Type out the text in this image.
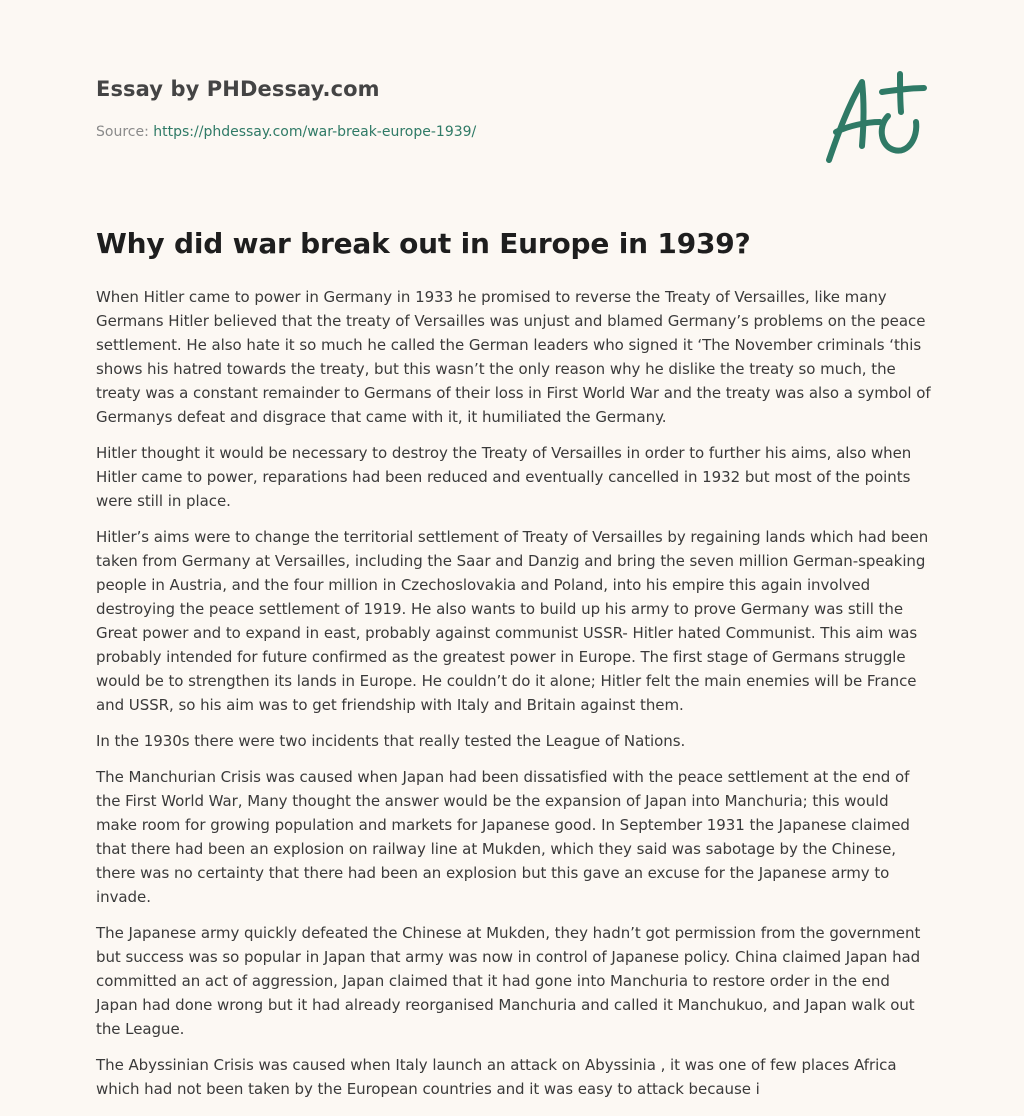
Essay by PHDessay.com

Source: https://phdessay.com/war-break-europe-1939/

Why did war break out in Europe in 1939?

When Hitler came to power in Germany in 1933 he promised to reverse the Treaty of Versailles, like many Germans Hitler believed that the treaty of Versailles was unjust and blamed Germany’s problems on the peace settlement. He also hate it so much he called the German leaders who signed it ‘The November criminals ‘this shows his hatred towards the treaty, but this wasn’t the only reason why he dislike the treaty so much, the treaty was a constant remainder to Germans of their loss in First World War and the treaty was also a symbol of Germanys defeat and disgrace that came with it, it humiliated the Germany.

Hitler thought it would be necessary to destroy the Treaty of Versailles in order to further his aims, also when Hitler came to power, reparations had been reduced and eventually cancelled in 1932 but most of the points were still in place.

Hitler’s aims were to change the territorial settlement of Treaty of Versailles by regaining lands which had been taken from Germany at Versailles, including the Saar and Danzig and bring the seven million German-speaking people in Austria, and the four million in Czechoslovakia and Poland, into his empire this again involved destroying the peace settlement of 1919. He also wants to build up his army to prove Germany was still the Great power and to expand in east, probably against communist USSR- Hitler hated Communist. This aim was probably intended for future confirmed as the greatest power in Europe. The first stage of Germans struggle would be to strengthen its lands in Europe. He couldn’t do it alone; Hitler felt the main enemies will be France and USSR, so his aim was to get friendship with Italy and Britain against them.

In the 1930s there were two incidents that really tested the League of Nations.

The Manchurian Crisis was caused when Japan had been dissatisfied with the peace settlement at the end of the First World War, Many thought the answer would be the expansion of Japan into Manchuria; this would make room for growing population and markets for Japanese good. In September 1931 the Japanese claimed that there had been an explosion on railway line at Mukden, which they said was sabotage by the Chinese, there was no certainty that there had been an explosion but this gave an excuse for the Japanese army to invade.

The Japanese army quickly defeated the Chinese at Mukden, they hadn’t got permission from the government but success was so popular in Japan that army was now in control of Japanese policy. China claimed Japan had committed an act of aggression, Japan claimed that it had gone into Manchuria to restore order in the end Japan had done wrong but it had already reorganised Manchuria and called it Manchukuo, and Japan walk out the League.

The Abyssinian Crisis was caused when Italy launch an attack on Abyssinia , it was one of few places Africa which had not been taken by the European countries and it was easy to attack because i
